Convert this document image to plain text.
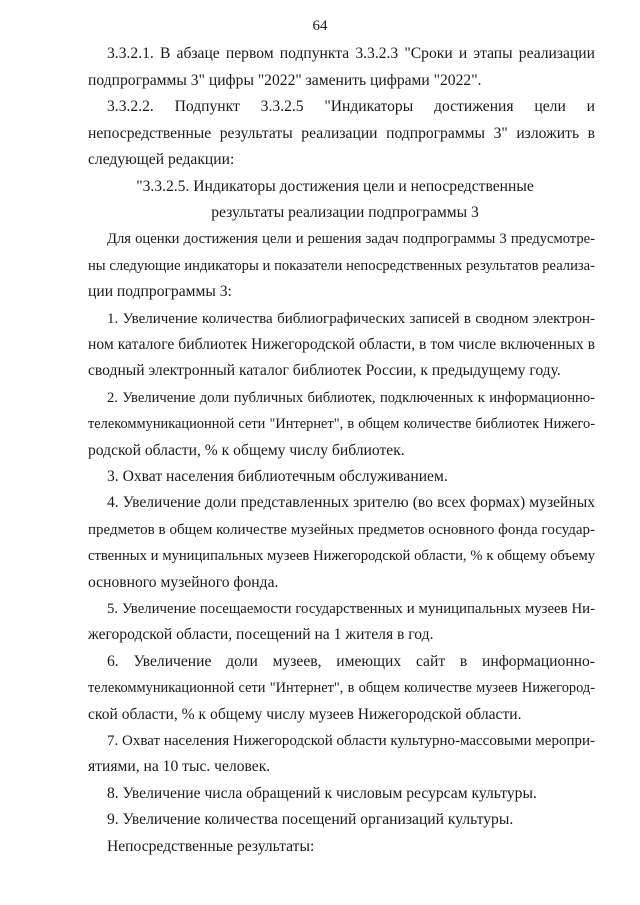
64
3.3.2.1. В абзаце первом подпункта 3.3.2.3 "Сроки и этапы реализации
подпрограммы 3" цифры "2022" заменить цифрами "2022".
3.3.2.2. Подпункт 3.3.2.5 "Индикаторы достижения цели и
непосредственные результаты реализации подпрограммы 3" изложить в
следующей редакции:
"3.3.2.5. Индикаторы достижения цели и непосредственные
результаты реализации подпрограммы 3
Для оценки достижения цели и решения задач подпрограммы 3 предусмотре-
ны следующие индикаторы и показатели непосредственных результатов реализа-
ции подпрограммы 3:
1. Увеличение количества библиографических записей в сводном электрон-
ном каталоге библиотек Нижегородской области, в том числе включенных в
сводный электронный каталог библиотек России, к предыдущему году.
2. Увеличение доли публичных библиотек, подключенных к информационно-
телекоммуникационной сети "Интернет", в общем количестве библиотек Нижего-
родской области, % к общему числу библиотек.
3. Охват населения библиотечным обслуживанием.
4. Увеличение доли представленных зрителю (во всех формах) музейных
предметов в общем количестве музейных предметов основного фонда государ-
ственных и муниципальных музеев Нижегородской области, % к общему объему
основного музейного фонда.
5. Увеличение посещаемости государственных и муниципальных музеев Ни-
жегородской области, посещений на 1 жителя в год.
6. Увеличение доли музеев, имеющих сайт в информационно-
телекоммуникационной сети "Интернет", в общем количестве музеев Нижегород-
ской области, % к общему числу музеев Нижегородской области.
7. Охват населения Нижегородской области культурно-массовыми меропри-
ятиями, на 10 тыс. человек.
8. Увеличение числа обращений к числовым ресурсам культуры.
9. Увеличение количества посещений организаций культуры.
Непосредственные результаты:
